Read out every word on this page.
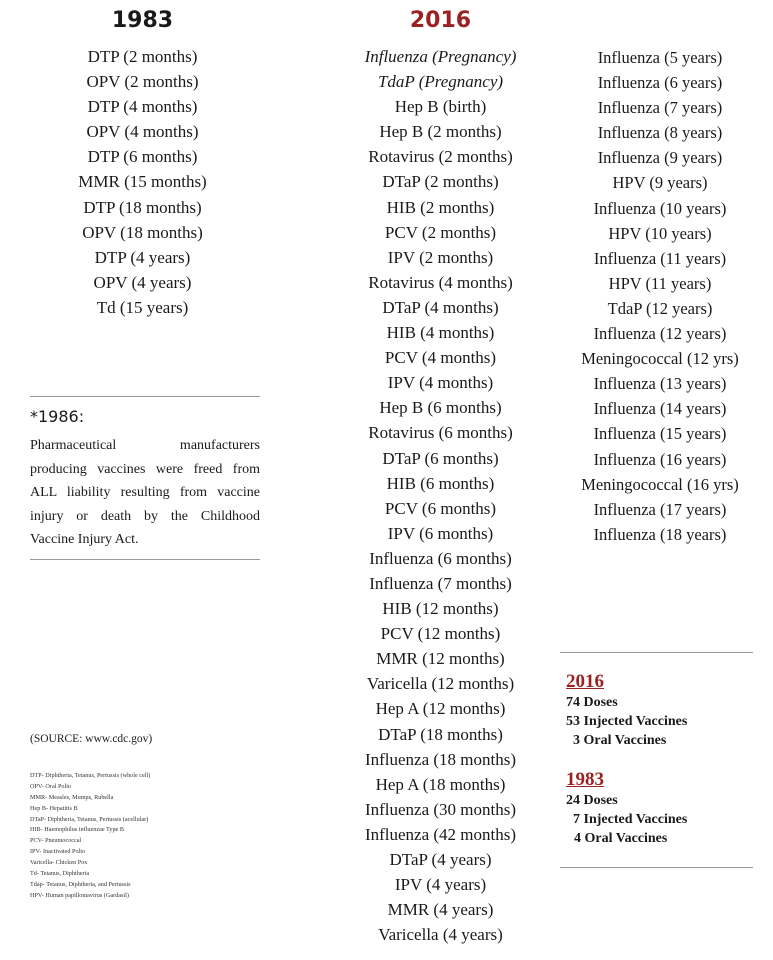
1983
DTP (2 months)
OPV (2 months)
DTP (4 months)
OPV (4 months)
DTP (6 months)
MMR (15 months)
DTP (18 months)
OPV (18 months)
DTP (4 years)
OPV (4 years)
Td (15 years)
2016
Influenza (Pregnancy)
TdaP (Pregnancy)
Hep B (birth)
Hep B (2 months)
Rotavirus (2 months)
DTaP (2 months)
HIB (2 months)
PCV (2 months)
IPV (2 months)
Rotavirus (4 months)
DTaP (4 months)
HIB (4 months)
PCV (4 months)
IPV (4 months)
Hep B (6 months)
Rotavirus (6 months)
DTaP (6 months)
HIB (6 months)
PCV (6 months)
IPV (6 months)
Influenza (6 months)
Influenza (7 months)
HIB (12 months)
PCV (12 months)
MMR (12 months)
Varicella (12 months)
Hep A (12 months)
DTaP (18 months)
Influenza (18 months)
Hep A (18 months)
Influenza (30 months)
Influenza (42 months)
DTaP (4 years)
IPV (4 years)
MMR (4 years)
Varicella (4 years)
Influenza (5 years)
Influenza (6 years)
Influenza (7 years)
Influenza (8 years)
Influenza (9 years)
HPV (9 years)
Influenza (10 years)
HPV (10 years)
Influenza (11 years)
HPV (11 years)
TdaP (12 years)
Influenza (12 years)
Meningococcal (12 yrs)
Influenza (13 years)
Influenza (14 years)
Influenza (15 years)
Influenza (16 years)
Meningococcal (16 yrs)
Influenza (17 years)
Influenza (18 years)
*1986:

Pharmaceutical manufacturers producing vaccines were freed from ALL liability resulting from vaccine injury or death by the Childhood Vaccine Injury Act.

(SOURCE: www.cdc.gov)
DTP- Diphtheria, Tetanus, Pertussis (whole cell)
OPV- Oral Polio
MMR- Measles, Mumps, Rubella
Hep B- Hepatitis B
DTaP- Diphtheria, Tetanus, Pertussis (acellular)
HIB- Haemophilus influenzae Type B
PCV- Pneumococcal
IPV- Inactivated Polio
Varicella- Chicken Pox
Td- Tetanus, Diphtheria
Tdap- Tetanus, Diphtheria, and Pertussis
HPV- Human papillomavirus (Gardasil)
2016
74 Doses
53 Injected Vaccines
3 Oral Vaccines
1983
24 Doses
7 Injected Vaccines
4 Oral Vaccines
